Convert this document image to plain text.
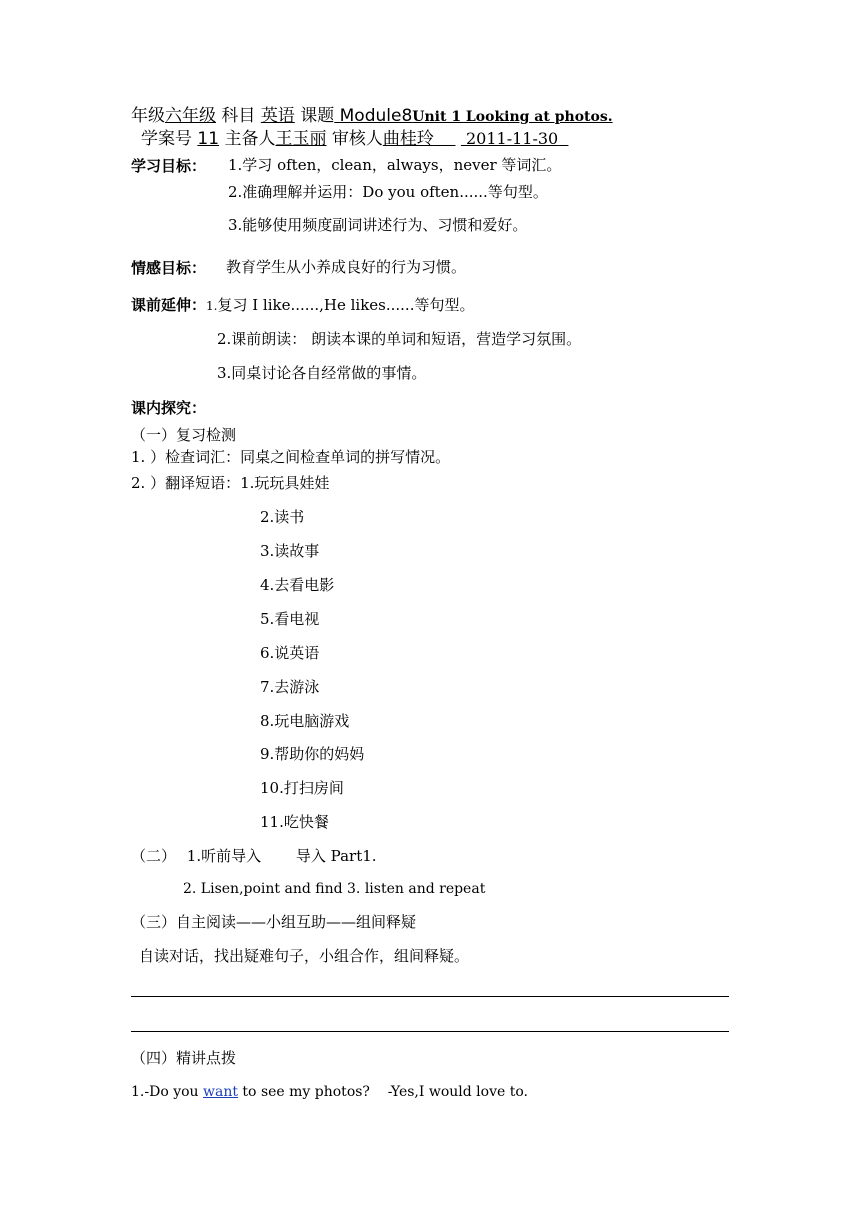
年级六年级 科目 英语 课题 Module8Unit 1 Looking at photos.
学案号 11 主备人王玉丽 审核人曲桂玲 2011-11-30
学习目标： 1.学习 often，clean，always，never 等词汇。
2.准确理解并运用：Do you often......等句型。
3.能够使用频度副词讲述行为、习惯和爱好。
情感目标： 教育学生从小养成良好的行为习惯。
课前延伸：1.复习 I like......,He likes......等句型。
2.课前朗读： 朗读本课的单词和短语，营造学习氛围。
3.同桌讨论各自经常做的事情。
课内探究：
（一）复习检测
1. ）检查词汇：同桌之间检查单词的拼写情况。
2. ）翻译短语：1.玩玩具娃娃
2.读书
3.读故事
4.去看电影
5.看电视
6.说英语
7.去游泳
8.玩电脑游戏
9.帮助你的妈妈
10.打扫房间
11.吃快餐
（二） 1.听前导入 导入 Part1.
2. Lisen,point and find 3. listen and repeat
（三）自主阅读——小组互助——组间释疑
自读对话，找出疑难句子，小组合作，组间释疑。
（四）精讲点拨
1.-Do you want to see my photos?    -Yes,I would love to.
